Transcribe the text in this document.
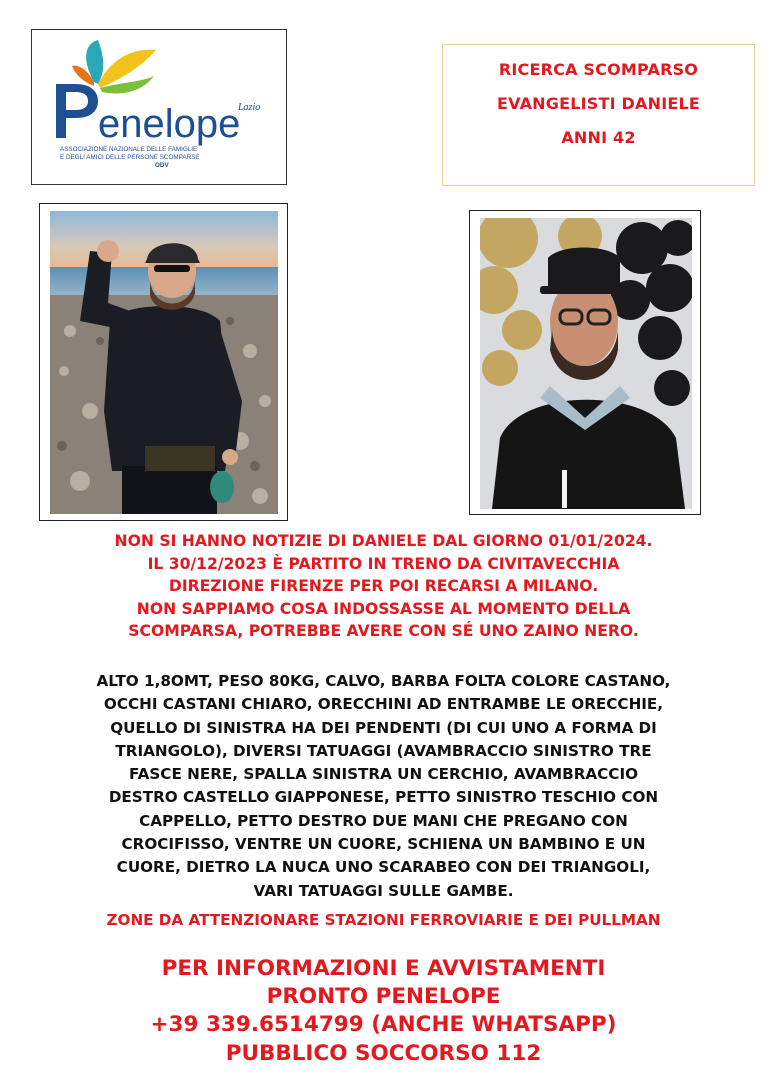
enelope
Lazio
ASSOCIAZIONE NAZIONALE DELLE FAMIGLIE
E DEGLI AMICI DELLE PERSONE SCOMPARSE
ODV
RICERCA SCOMPARSO
EVANGELISTI DANIELE
ANNI 42
NON SI HANNO NOTIZIE DI DANIELE DAL GIORNO 01/01/2024.
IL 30/12/2023 È PARTITO IN TRENO DA CIVITAVECCHIA
DIREZIONE FIRENZE PER POI RECARSI A MILANO.
NON SAPPIAMO COSA INDOSSASSE AL MOMENTO DELLA
SCOMPARSA, POTREBBE AVERE CON SÉ UNO ZAINO NERO.
ALTO 1,8OMT, PESO 80KG, CALVO, BARBA FOLTA COLORE CASTANO,
OCCHI CASTANI CHIARO, ORECCHINI AD ENTRAMBE LE ORECCHIE,
QUELLO DI SINISTRA HA DEI PENDENTI (DI CUI UNO A FORMA DI
TRIANGOLO), DIVERSI TATUAGGI (AVAMBRACCIO SINISTRO TRE
FASCE NERE, SPALLA SINISTRA UN CERCHIO, AVAMBRACCIO
DESTRO CASTELLO GIAPPONESE, PETTO SINISTRO TESCHIO CON
CAPPELLO, PETTO DESTRO DUE MANI CHE PREGANO CON
CROCIFISSO, VENTRE UN CUORE, SCHIENA UN BAMBINO E UN
CUORE, DIETRO LA NUCA UNO SCARABEO CON DEI TRIANGOLI,
VARI TATUAGGI SULLE GAMBE.
ZONE DA ATTENZIONARE STAZIONI FERROVIARIE E DEI PULLMAN
PER INFORMAZIONI E AVVISTAMENTI
PRONTO PENELOPE
+39 339.6514799 (ANCHE WHATSAPP)
PUBBLICO SOCCORSO 112
